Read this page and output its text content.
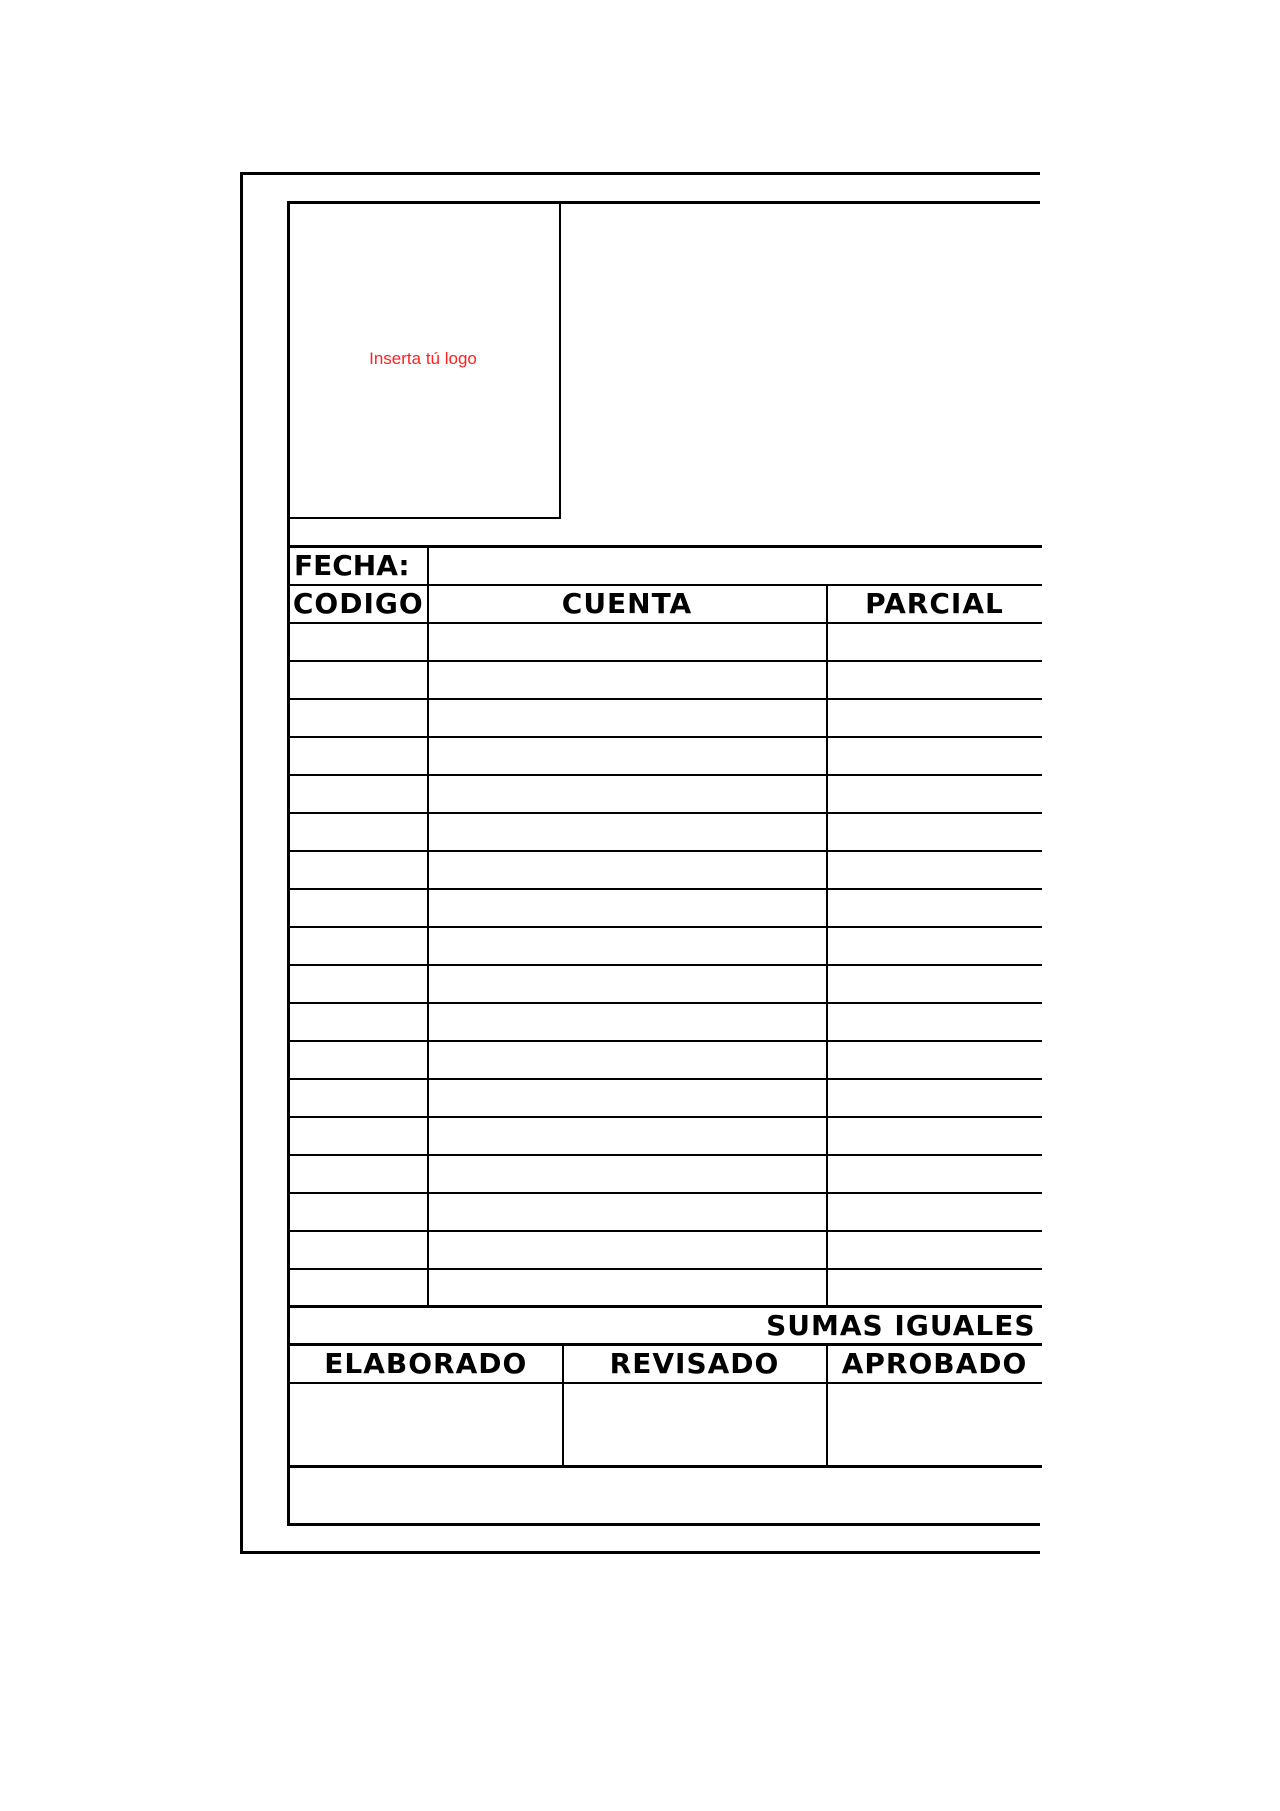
Inserta tú logo
FECHA:			
CODIGO	CUENTA		PARCIAL

SUMAS IGUALES			
ELABORADO		REVISADO	APROBADO
